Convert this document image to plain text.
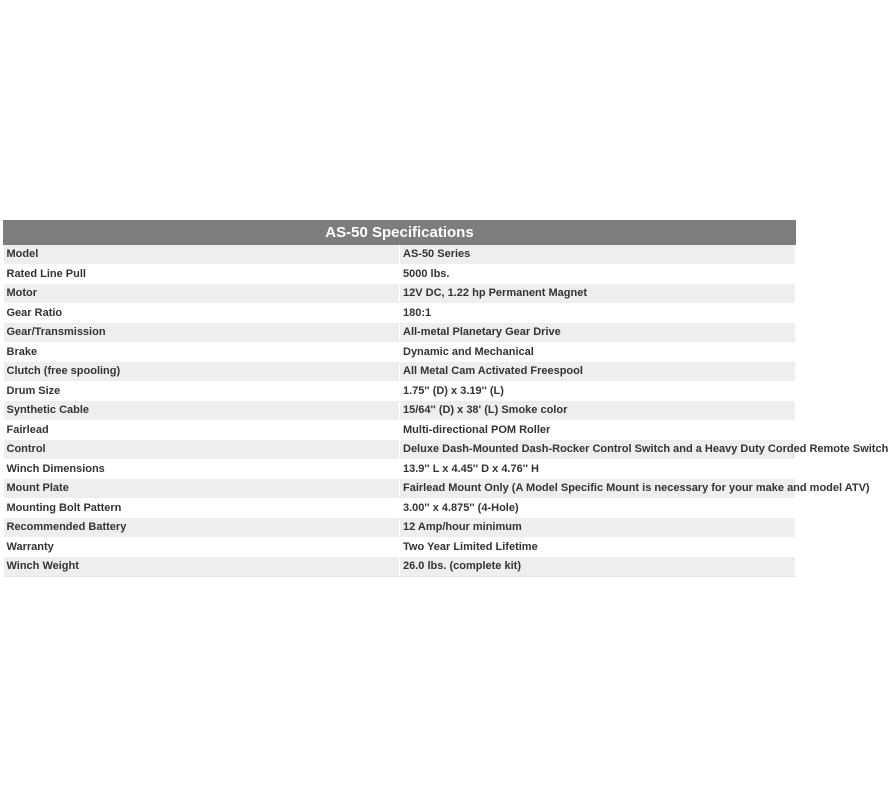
AS-50 Specifications	
Model	AS-50 Series
Rated Line Pull	5000 lbs.
Motor	12V DC, 1.22 hp Permanent Magnet
Gear Ratio	180:1
Gear/Transmission	All-metal Planetary Gear Drive
Brake	Dynamic and Mechanical
Clutch (free spooling)	All Metal Cam Activated Freespool
Drum Size	1.75'' (D) x 3.19'' (L)
Synthetic Cable	15/64'' (D) x 38' (L) Smoke color
Fairlead	Multi-directional POM Roller
Control	Deluxe Dash-Mounted Dash-Rocker Control Switch and a Heavy Duty Corded Remote Switch
Winch Dimensions	13.9'' L x 4.45'' D x 4.76'' H
Mount Plate	Fairlead Mount Only (A Model Specific Mount is necessary for your make and model ATV)
Mounting Bolt Pattern	3.00'' x 4.875'' (4-Hole)
Recommended Battery	12 Amp/hour minimum
Warranty	Two Year Limited Lifetime
Winch Weight	26.0 lbs. (complete kit)
